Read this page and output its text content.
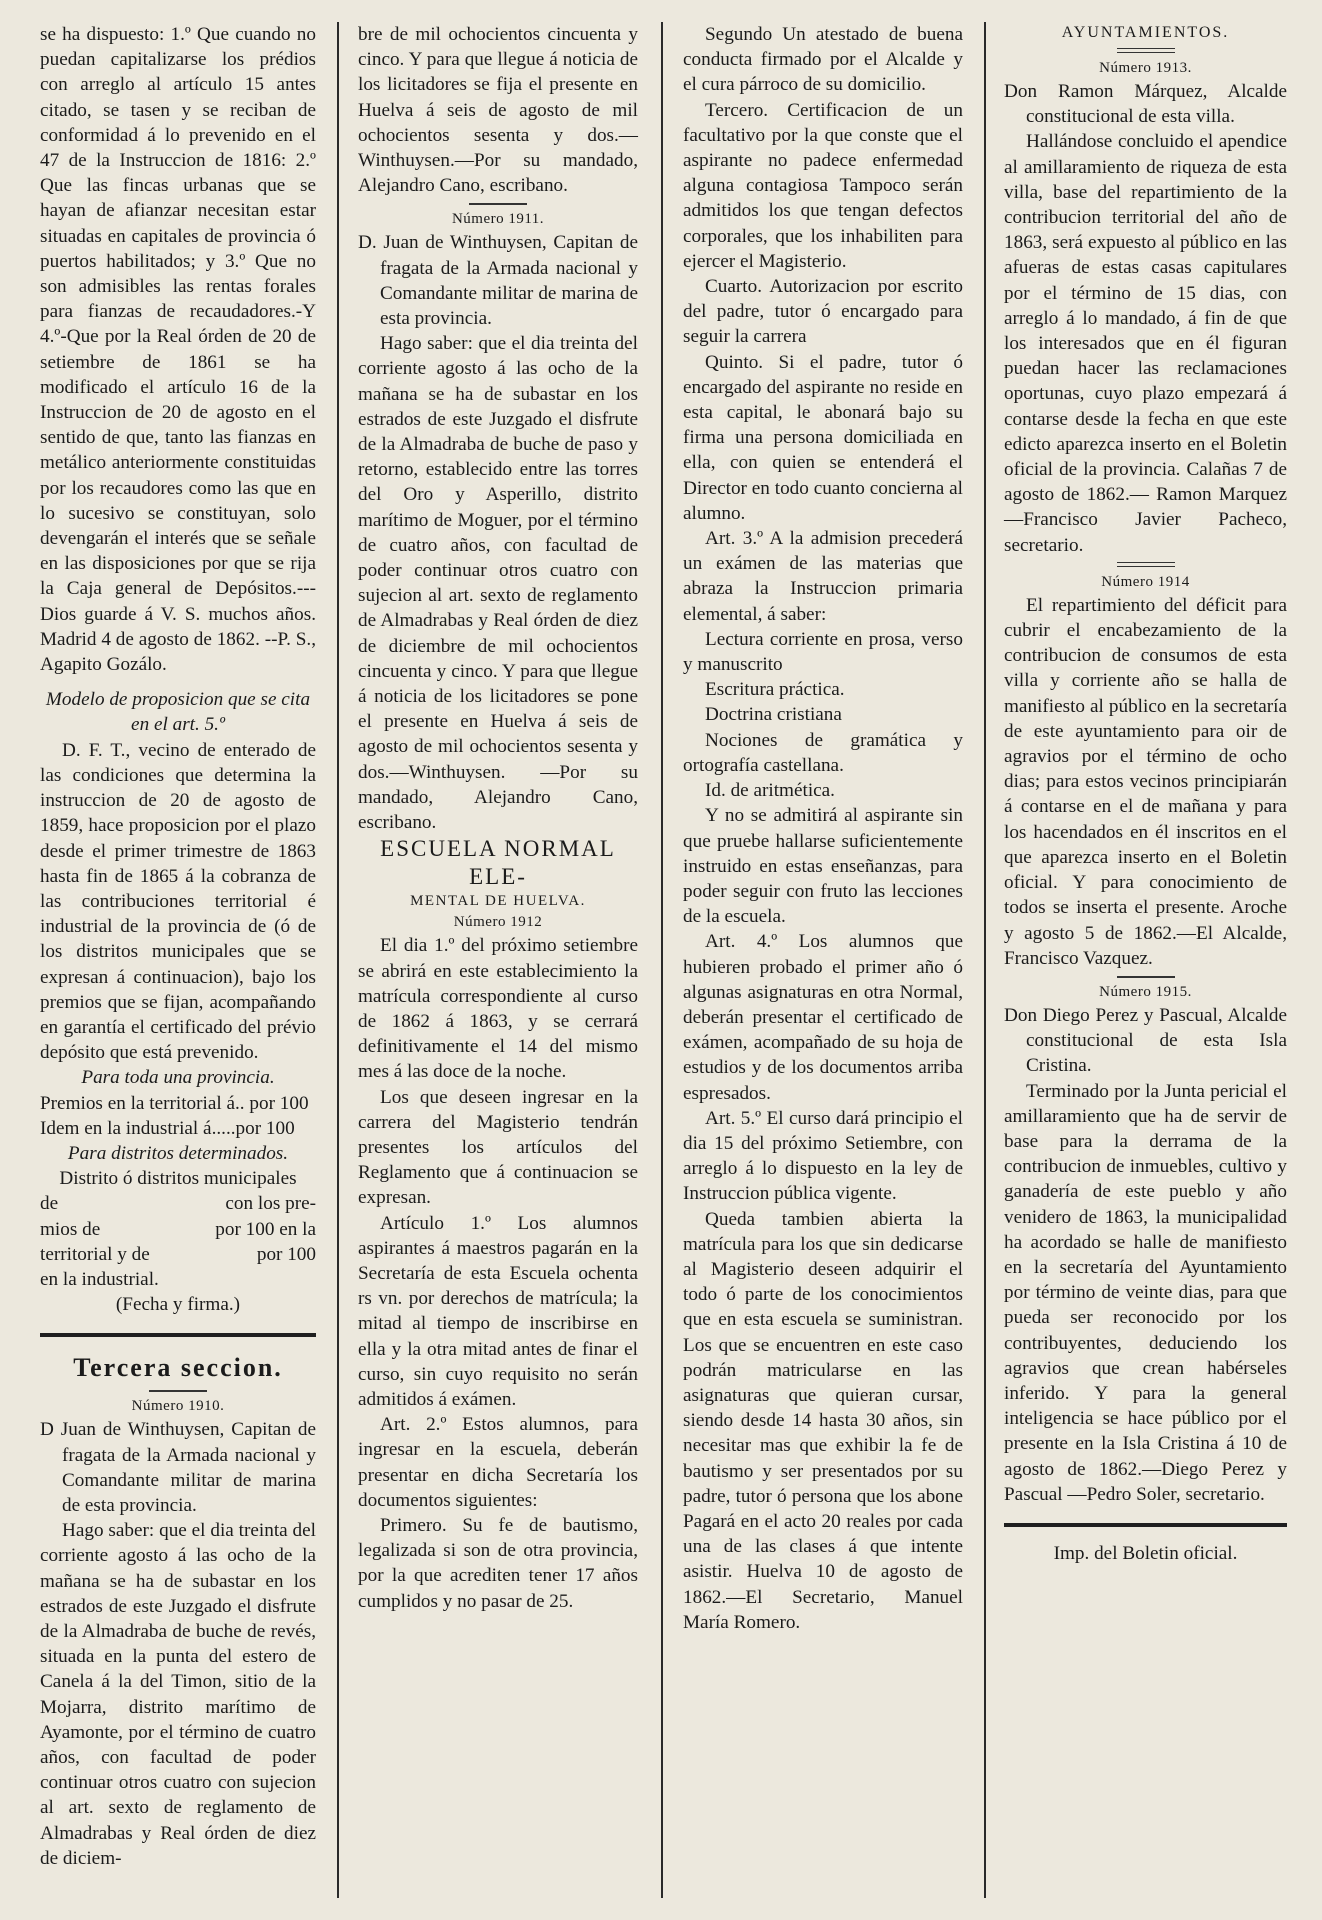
se ha dispuesto: 1.º Que cuando no puedan capitalizarse los prédios con arreglo al artículo 15 antes citado, se tasen y se reciban de conformidad á lo prevenido en el 47 de la Instruccion de 1816: 2.º Que las fincas urbanas que se hayan de afianzar necesitan estar situadas en capitales de provincia ó puertos habilitados; y 3.º Que no son admisibles las rentas forales para fianzas de recaudadores.-Y 4.º-Que por la Real órden de 20 de setiembre de 1861 se ha modificado el artículo 16 de la Instruccion de 20 de agosto en el sentido de que, tanto las fianzas en metálico anteriormente constituidas por los recaudores como las que en lo sucesivo se constituyan, solo devengarán el interés que se señale en las disposiciones por que se rija la Caja general de Depósitos.---Dios guarde á V. S. muchos años. Madrid 4 de agosto de 1862. --P. S., Agapito Gozálo.

Modelo de proposicion que se cita en el art. 5.º

D. F. T., vecino de enterado de las condiciones que determina la instruccion de 20 de agosto de 1859, hace proposicion por el plazo desde el primer trimestre de 1863 hasta fin de 1865 á la cobranza de las contribuciones territorial é industrial de la provincia de (ó de los distritos municipales que se expresan á continuacion), bajo los premios que se fijan, acompañando en garantía el certificado del prévio depósito que está prevenido.

Para toda una provincia.

Premios en la territorial á.. por 100

Idem en la industrial á.....por 100

Para distritos determinados.

Distrito ó distritos municipales

de	con los pre-
mios de	por 100 en la
territorial y de	por 100

en la industrial.

(Fecha y firma.)

Tercera seccion.

Número 1910.

D Juan de Winthuysen, Capitan de fragata de la Armada nacional y Comandante militar de marina de esta provincia.

Hago saber: que el dia treinta del corriente agosto á las ocho de la mañana se ha de subastar en los estrados de este Juzgado el disfrute de la Almadraba de buche de revés, situada en la punta del estero de Canela á la del Timon, sitio de la Mojarra, distrito marítimo de Ayamonte, por el término de cuatro años, con facultad de poder continuar otros cuatro con sujecion al art. sexto de reglamento de Almadrabas y Real órden de diez de diciem-

bre de mil ochocientos cincuenta y cinco. Y para que llegue á noticia de los licitadores se fija el presente en Huelva á seis de agosto de mil ochocientos sesenta y dos.— Winthuysen.—Por su mandado, Alejandro Cano, escribano.

Número 1911.

D. Juan de Winthuysen, Capitan de fragata de la Armada nacional y Comandante militar de marina de esta provincia.

Hago saber: que el dia treinta del corriente agosto á las ocho de la mañana se ha de subastar en los estrados de este Juzgado el disfrute de la Almadraba de buche de paso y retorno, establecido entre las torres del Oro y Asperillo, distrito marítimo de Moguer, por el término de cuatro años, con facultad de poder continuar otros cuatro con sujecion al art. sexto de reglamento de Almadrabas y Real órden de diez de diciembre de mil ochocientos cincuenta y cinco. Y para que llegue á noticia de los licitadores se pone el presente en Huelva á seis de agosto de mil ochocientos sesenta y dos.—Winthuysen. —Por su mandado, Alejandro Cano, escribano.

ESCUELA NORMAL ELE-

MENTAL DE HUELVA.

Número 1912

El dia 1.º del próximo setiembre se abrirá en este establecimiento la matrícula correspondiente al curso de 1862 á 1863, y se cerrará definitivamente el 14 del mismo mes á las doce de la noche.

Los que deseen ingresar en la carrera del Magisterio tendrán presentes los artículos del Reglamento que á continuacion se expresan.

Artículo 1.º Los alumnos aspirantes á maestros pagarán en la Secretaría de esta Escuela ochenta rs vn. por derechos de matrícula; la mitad al tiempo de inscribirse en ella y la otra mitad antes de finar el curso, sin cuyo requisito no serán admitidos á exámen.

Art. 2.º Estos alumnos, para ingresar en la escuela, deberán presentar en dicha Secretaría los documentos siguientes:

Primero. Su fe de bautismo, legalizada si son de otra provincia, por la que acrediten tener 17 años cumplidos y no pasar de 25.

Segundo Un atestado de buena conducta firmado por el Alcalde y el cura párroco de su domicilio.

Tercero. Certificacion de un facultativo por la que conste que el aspirante no padece enfermedad alguna contagiosa Tampoco serán admitidos los que tengan defectos corporales, que los inhabiliten para ejercer el Magisterio.

Cuarto. Autorizacion por escrito del padre, tutor ó encargado para seguir la carrera

Quinto. Si el padre, tutor ó encargado del aspirante no reside en esta capital, le abonará bajo su firma una persona domiciliada en ella, con quien se entenderá el Director en todo cuanto concierna al alumno.

Art. 3.º A la admision precederá un exámen de las materias que abraza la Instruccion primaria elemental, á saber:

Lectura corriente en prosa, verso y manuscrito

Escritura práctica.

Doctrina cristiana

Nociones de gramática y ortografía castellana.

Id. de aritmética.

Y no se admitirá al aspirante sin que pruebe hallarse suficientemente instruido en estas enseñanzas, para poder seguir con fruto las lecciones de la escuela.

Art. 4.º Los alumnos que hubieren probado el primer año ó algunas asignaturas en otra Normal, deberán presentar el certificado de exámen, acompañado de su hoja de estudios y de los documentos arriba espresados.

Art. 5.º El curso dará principio el dia 15 del próximo Setiembre, con arreglo á lo dispuesto en la ley de Instruccion pública vigente.

Queda tambien abierta la matrícula para los que sin dedicarse al Magisterio deseen adquirir el todo ó parte de los conocimientos que en esta escuela se suministran. Los que se encuentren en este caso podrán matricularse en las asignaturas que quieran cursar, siendo desde 14 hasta 30 años, sin necesitar mas que exhibir la fe de bautismo y ser presentados por su padre, tutor ó persona que los abone Pagará en el acto 20 reales por cada una de las clases á que intente asistir. Huelva 10 de agosto de 1862.—El Secretario, Manuel María Romero.

AYUNTAMIENTOS.

Número 1913.

Don Ramon Márquez, Alcalde constitucional de esta villa.

Hallándose concluido el apendice al amillaramiento de riqueza de esta villa, base del repartimiento de la contribucion territorial del año de 1863, será expuesto al público en las afueras de estas casas capitulares por el término de 15 dias, con arreglo á lo mandado, á fin de que los interesados que en él figuran puedan hacer las reclamaciones oportunas, cuyo plazo empezará á contarse desde la fecha en que este edicto aparezca inserto en el Boletin oficial de la provincia. Calañas 7 de agosto de 1862.— Ramon Marquez —Francisco Javier Pacheco, secretario.

Número 1914

El repartimiento del déficit para cubrir el encabezamiento de la contribucion de consumos de esta villa y corriente año se halla de manifiesto al público en la secretaría de este ayuntamiento para oir de agravios por el término de ocho dias; para estos vecinos principiarán á contarse en el de mañana y para los hacendados en él inscritos en el que aparezca inserto en el Boletin oficial. Y para conocimiento de todos se inserta el presente. Aroche y agosto 5 de 1862.—El Alcalde, Francisco Vazquez.

Número 1915.

Don Diego Perez y Pascual, Alcalde constitucional de esta Isla Cristina.

Terminado por la Junta pericial el amillaramiento que ha de servir de base para la derrama de la contribucion de inmuebles, cultivo y ganadería de este pueblo y año venidero de 1863, la municipalidad ha acordado se halle de manifiesto en la secretaría del Ayuntamiento por término de veinte dias, para que pueda ser reconocido por los contribuyentes, deduciendo los agravios que crean habérseles inferido. Y para la general inteligencia se hace público por el presente en la Isla Cristina á 10 de agosto de 1862.—Diego Perez y Pascual —Pedro Soler, secretario.

Imp. del Boletin oficial.
